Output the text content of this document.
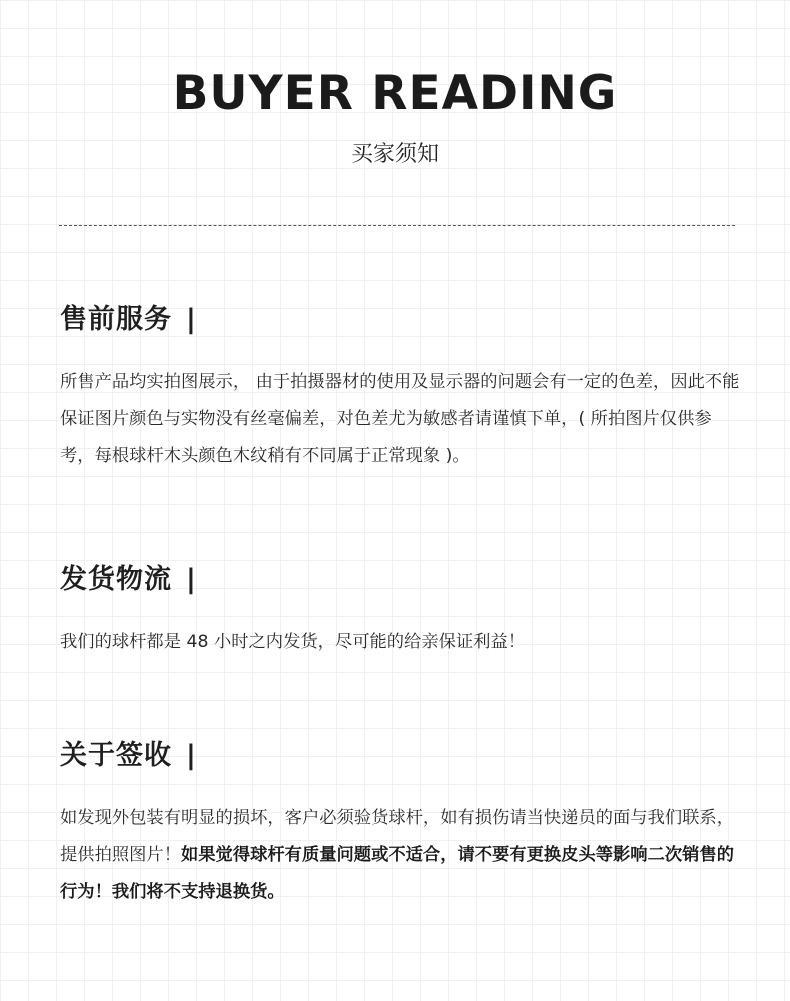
BUYER READING
买家须知
售前服务 |
所售产品均实拍图展示， 由于拍摄器材的使用及显示器的问题会有一定的色差，因此不能保证图片颜色与实物没有丝毫偏差，对色差尤为敏感者请谨慎下单，( 所拍图片仅供参考，每根球杆木头颜色木纹稍有不同属于正常现象 )。
发货物流 |
我们的球杆都是 48 小时之内发货，尽可能的给亲保证利益！
关于签收 |
如发现外包装有明显的损坏，客户必须验货球杆，如有损伤请当快递员的面与我们联系，提供拍照图片！如果觉得球杆有质量问题或不适合，请不要有更换皮头等影响二次销售的行为！我们将不支持退换货。
